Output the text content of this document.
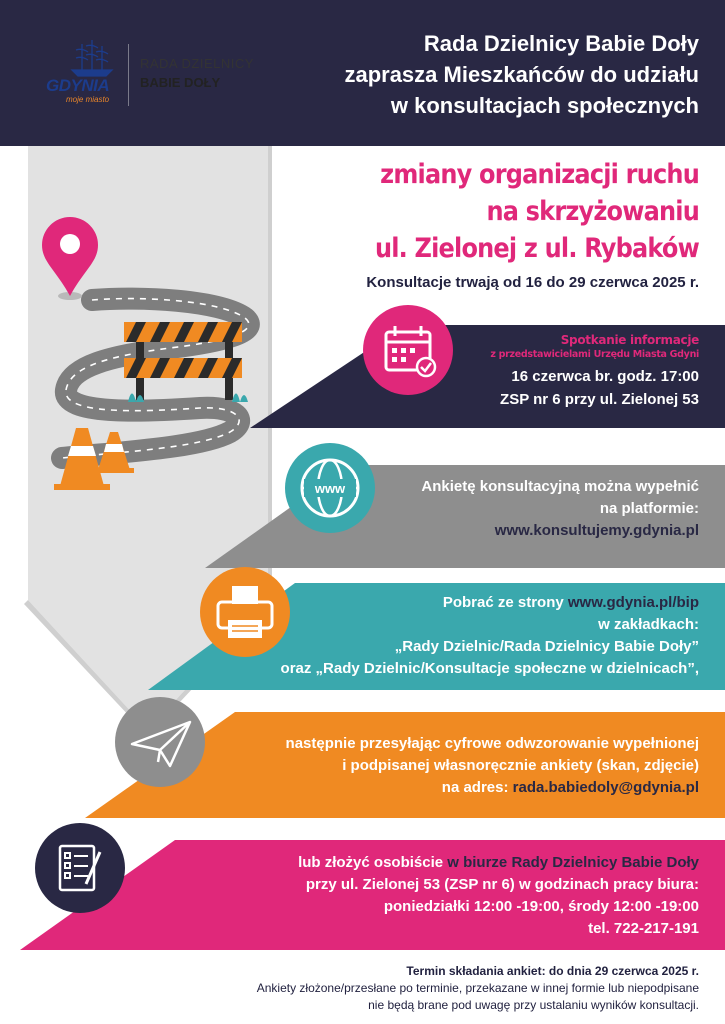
www
GDYNIA
moje miasto
RADA DZIELNICY
BABIE DOŁY
Rada Dzielnicy Babie Doły
zaprasza Mieszkańców do udziału
w konsultacjach społecznych
zmiany organizacji ruchu
na skrzyżowaniu
ul. Zielonej z ul. Rybaków
Konsultacje trwają od 16 do 29 czerwca 2025 r.
Spotkanie informacje
z przedstawicielami Urzędu Miasta Gdyni
16 czerwca br. godz. 17:00
ZSP nr 6 przy ul. Zielonej 53
Ankietę konsultacyjną można wypełnić
na platformie:
www.konsultujemy.gdynia.pl
Pobrać ze strony www.gdynia.pl/bip
w zakładkach:
„Rady Dzielnic/Rada Dzielnicy Babie Doły”
oraz „Rady Dzielnic/Konsultacje społeczne w dzielnicach”,
następnie przesyłając cyfrowe odwzorowanie wypełnionej
i podpisanej własnoręcznie ankiety (skan, zdjęcie)
na adres: rada.babiedoly@gdynia.pl
lub złożyć osobiście w biurze Rady Dzielnicy Babie Doły
przy ul. Zielonej 53 (ZSP nr 6) w godzinach pracy biura:
poniedziałki 12:00 -19:00, środy 12:00 -19:00
tel. 722-217-191
Termin składania ankiet: do dnia 29 czerwca 2025 r.
Ankiety złożone/przesłane po terminie, przekazane w innej formie lub niepodpisane
nie będą brane pod uwagę przy ustalaniu wyników konsultacji.
